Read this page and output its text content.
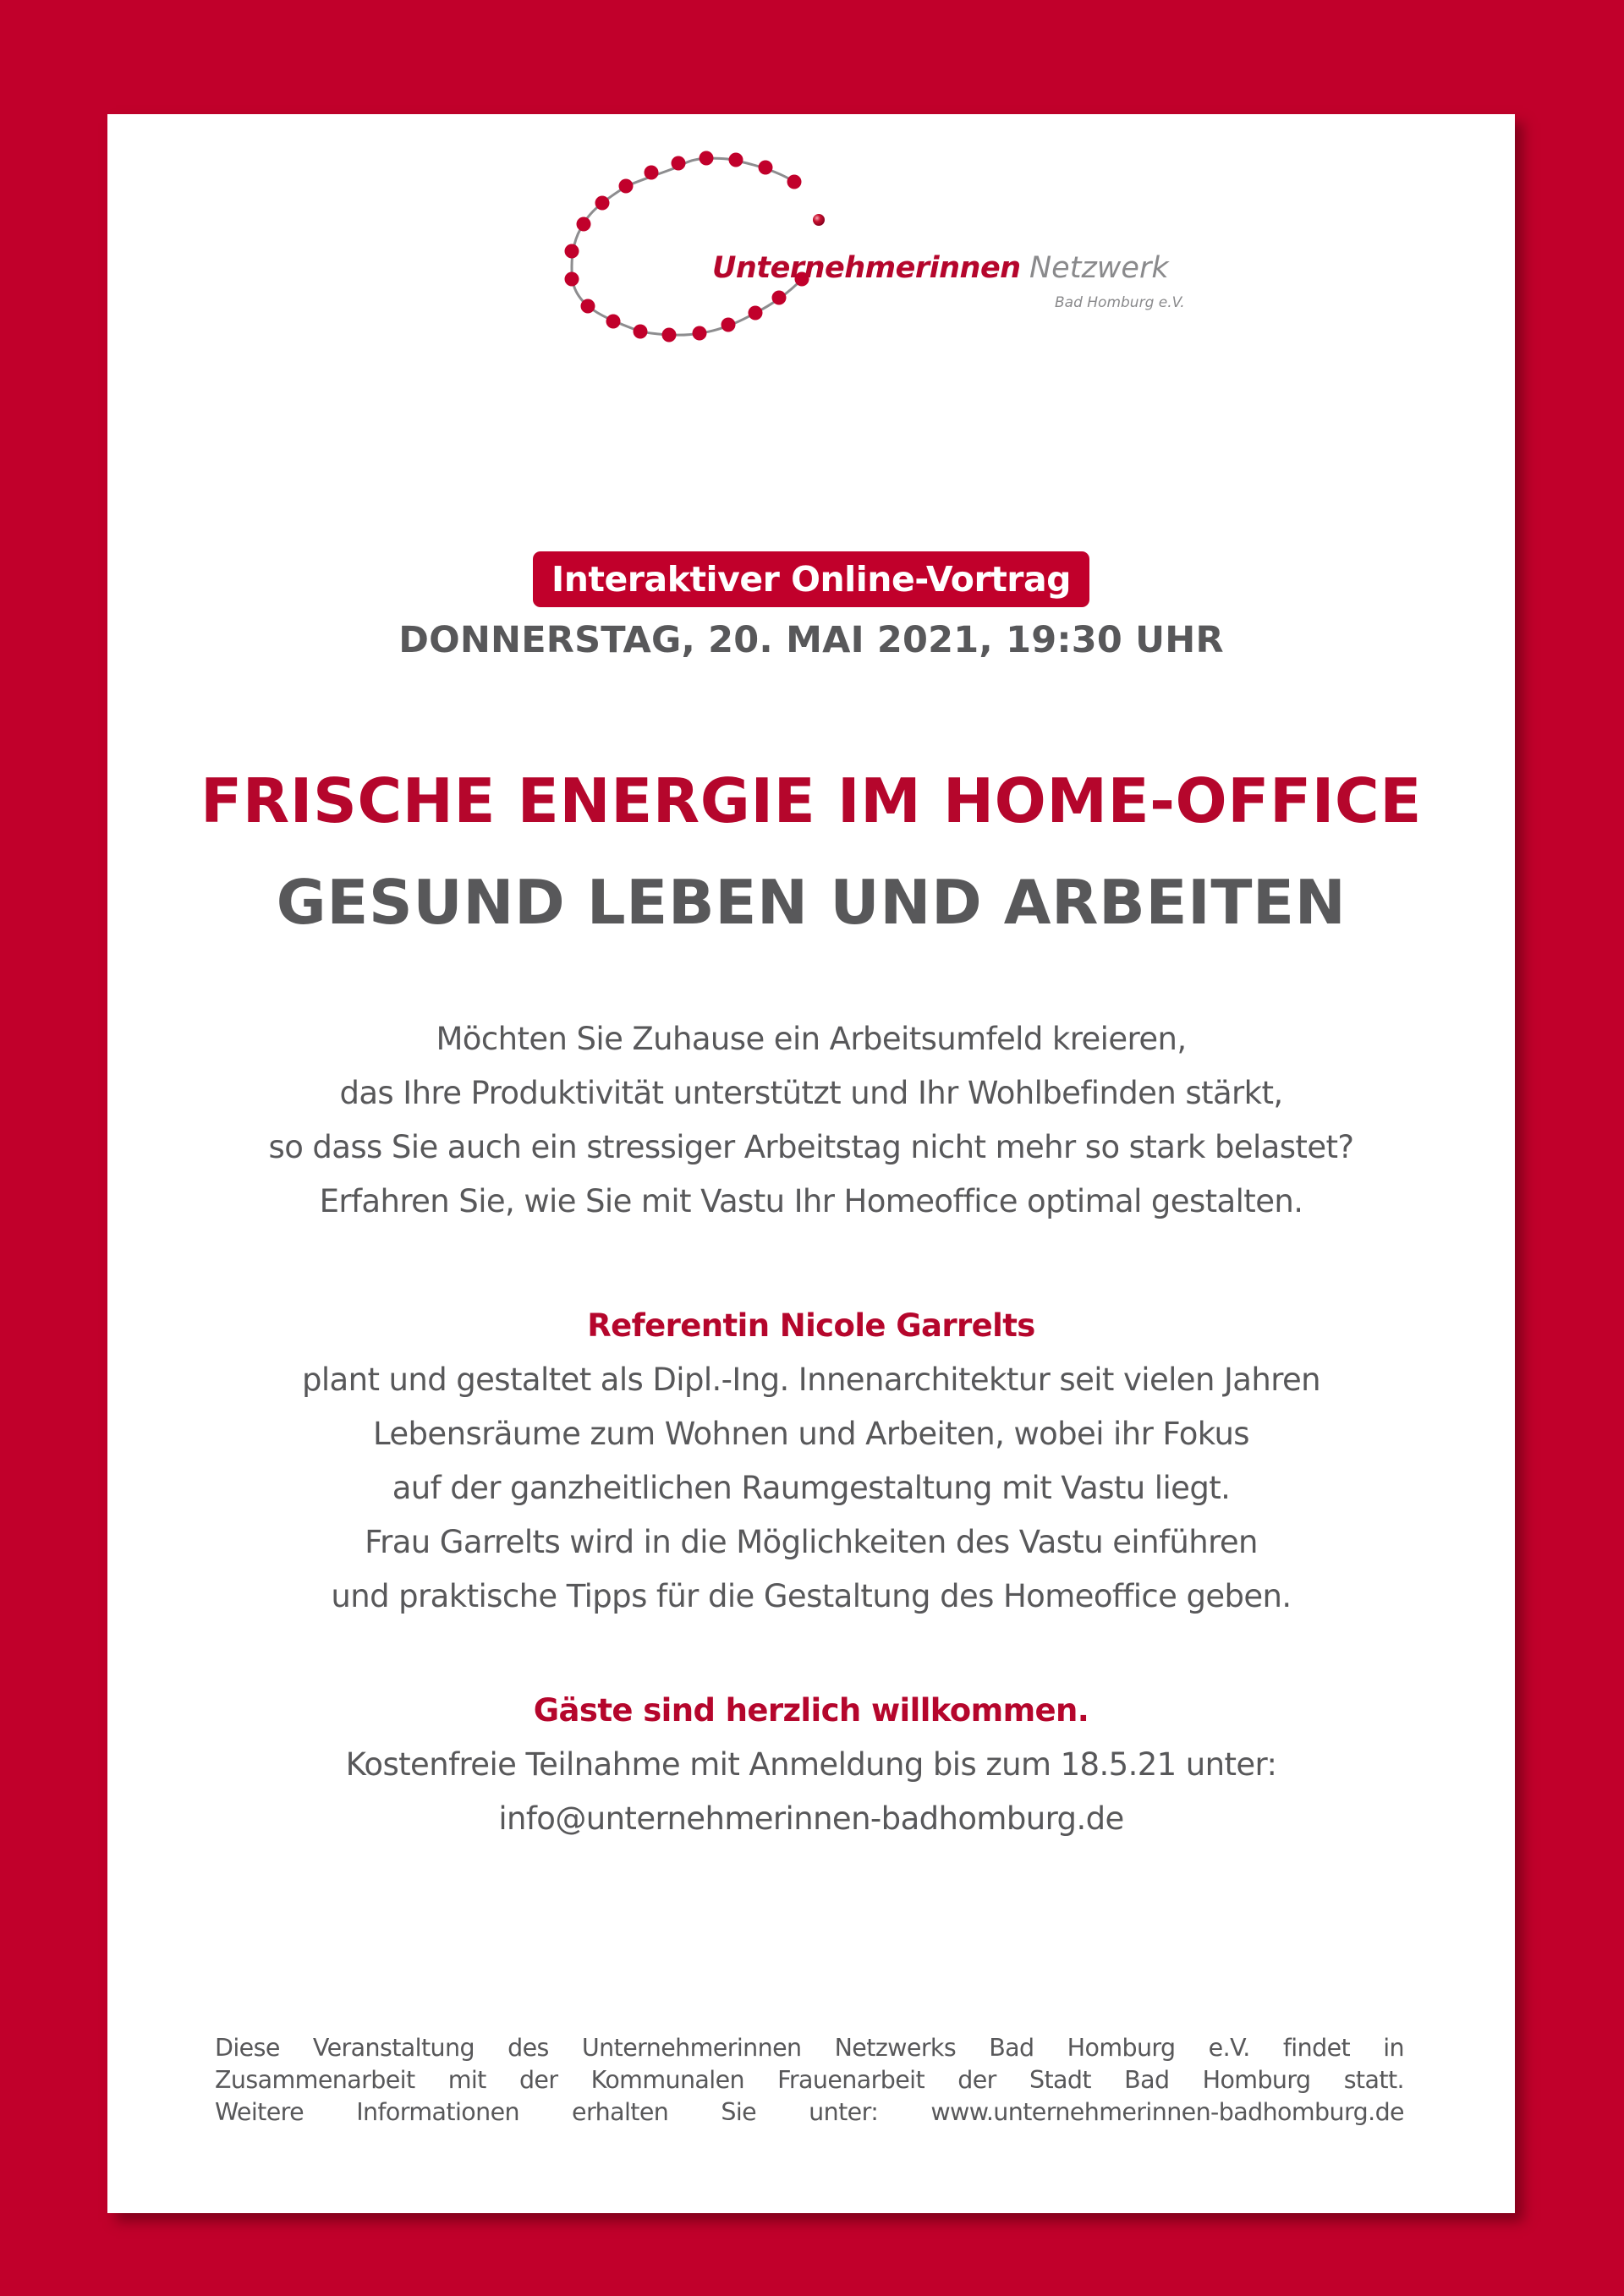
Unternehmerinnen Netzwerk
Bad Homburg e.V.
Interaktiver Online-Vortrag
DONNERSTAG, 20. MAI 2021, 19:30 UHR
FRISCHE ENERGIE IM HOME-OFFICE
GESUND LEBEN UND ARBEITEN
Möchten Sie Zuhause ein Arbeitsumfeld kreieren,
das Ihre Produktivität unterstützt und Ihr Wohlbefinden stärkt,
so dass Sie auch ein stressiger Arbeitstag nicht mehr so stark belastet?
Erfahren Sie, wie Sie mit Vastu Ihr Homeoffice optimal gestalten.
Referentin Nicole Garrelts
plant und gestaltet als Dipl.-Ing. Innenarchitektur seit vielen Jahren
Lebensräume zum Wohnen und Arbeiten, wobei ihr Fokus
auf der ganzheitlichen Raumgestaltung mit Vastu liegt.
Frau Garrelts wird in die Möglichkeiten des Vastu einführen
und praktische Tipps für die Gestaltung des Homeoffice geben.
Gäste sind herzlich willkommen.
Kostenfreie Teilnahme mit Anmeldung bis zum 18.5.21 unter:
info@unternehmerinnen-badhomburg.de
Diese Veranstaltung des Unternehmerinnen Netzwerks Bad Homburg e.V. findet in
Zusammenarbeit mit der Kommunalen Frauenarbeit der Stadt Bad Homburg statt.
Weitere Informationen erhalten Sie unter: www.unternehmerinnen-badhomburg.de
